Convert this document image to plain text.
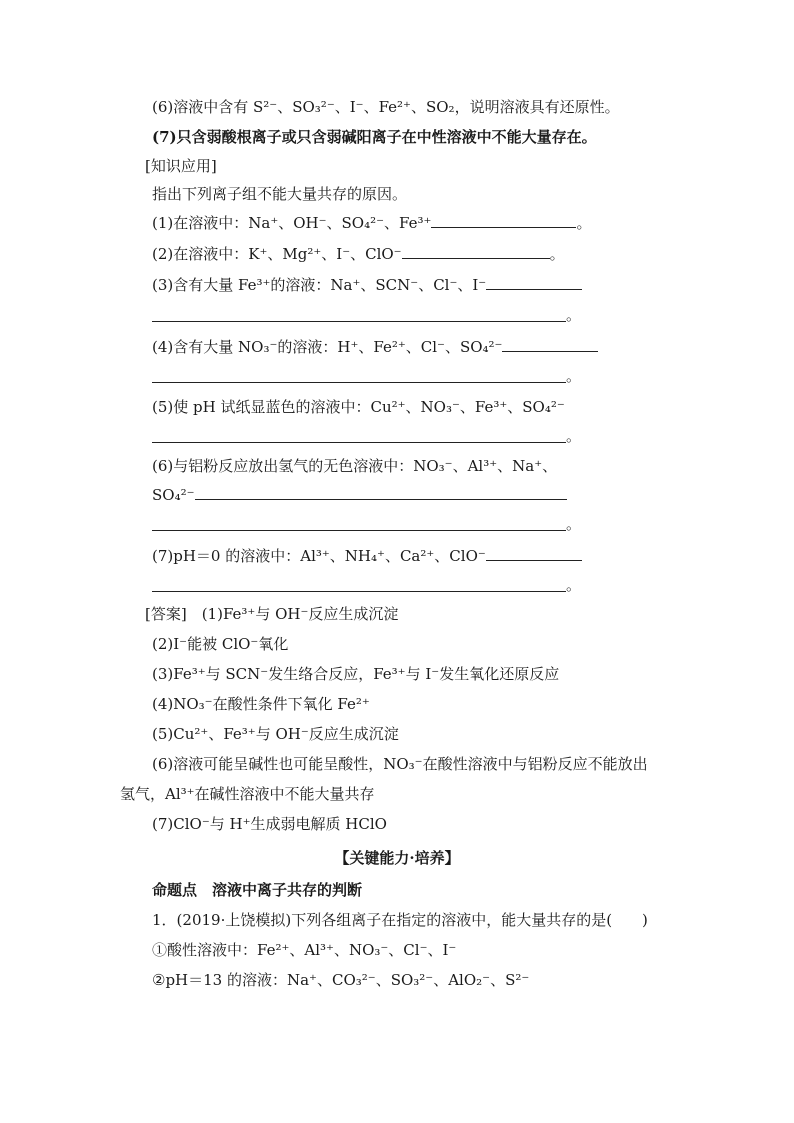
(6)溶液中含有 S²⁻、SO₃²⁻、I⁻、Fe²⁺、SO₂，说明溶液具有还原性。
(7)只含弱酸根离子或只含弱碱阳离子在中性溶液中不能大量存在。
[知识应用]
指出下列离子组不能大量共存的原因。
(1)在溶液中：Na⁺、OH⁻、SO₄²⁻、Fe³⁺	。
(2)在溶液中：K⁺、Mg²⁺、I⁻、ClO⁻	。
(3)含有大量 Fe³⁺的溶液：Na⁺、SCN⁻、Cl⁻、I⁻
。
(4)含有大量 NO₃⁻的溶液：H⁺、Fe²⁺、Cl⁻、SO₄²⁻
。
(5)使 pH 试纸显蓝色的溶液中：Cu²⁺、NO₃⁻、Fe³⁺、SO₄²⁻
。
(6)与铝粉反应放出氢气的无色溶液中：NO₃⁻、Al³⁺、Na⁺、
SO₄²⁻
。
(7)pH＝0 的溶液中：Al³⁺、NH₄⁺、Ca²⁺、ClO⁻
。
[答案]　(1)Fe³⁺与 OH⁻反应生成沉淀
(2)I⁻能被 ClO⁻氧化
(3)Fe³⁺与 SCN⁻发生络合反应，Fe³⁺与 I⁻发生氧化还原反应
(4)NO₃⁻在酸性条件下氧化 Fe²⁺
(5)Cu²⁺、Fe³⁺与 OH⁻反应生成沉淀
(6)溶液可能呈碱性也可能呈酸性，NO₃⁻在酸性溶液中与铝粉反应不能放出
氢气，Al³⁺在碱性溶液中不能大量共存
(7)ClO⁻与 H⁺生成弱电解质 HClO
【关键能力·培养】
命题点　溶液中离子共存的判断
1．(2019·上饶模拟)下列各组离子在指定的溶液中，能大量共存的是(　　)
①酸性溶液中：Fe²⁺、Al³⁺、NO₃⁻、Cl⁻、I⁻
②pH＝13 的溶液：Na⁺、CO₃²⁻、SO₃²⁻、AlO₂⁻、S²⁻
